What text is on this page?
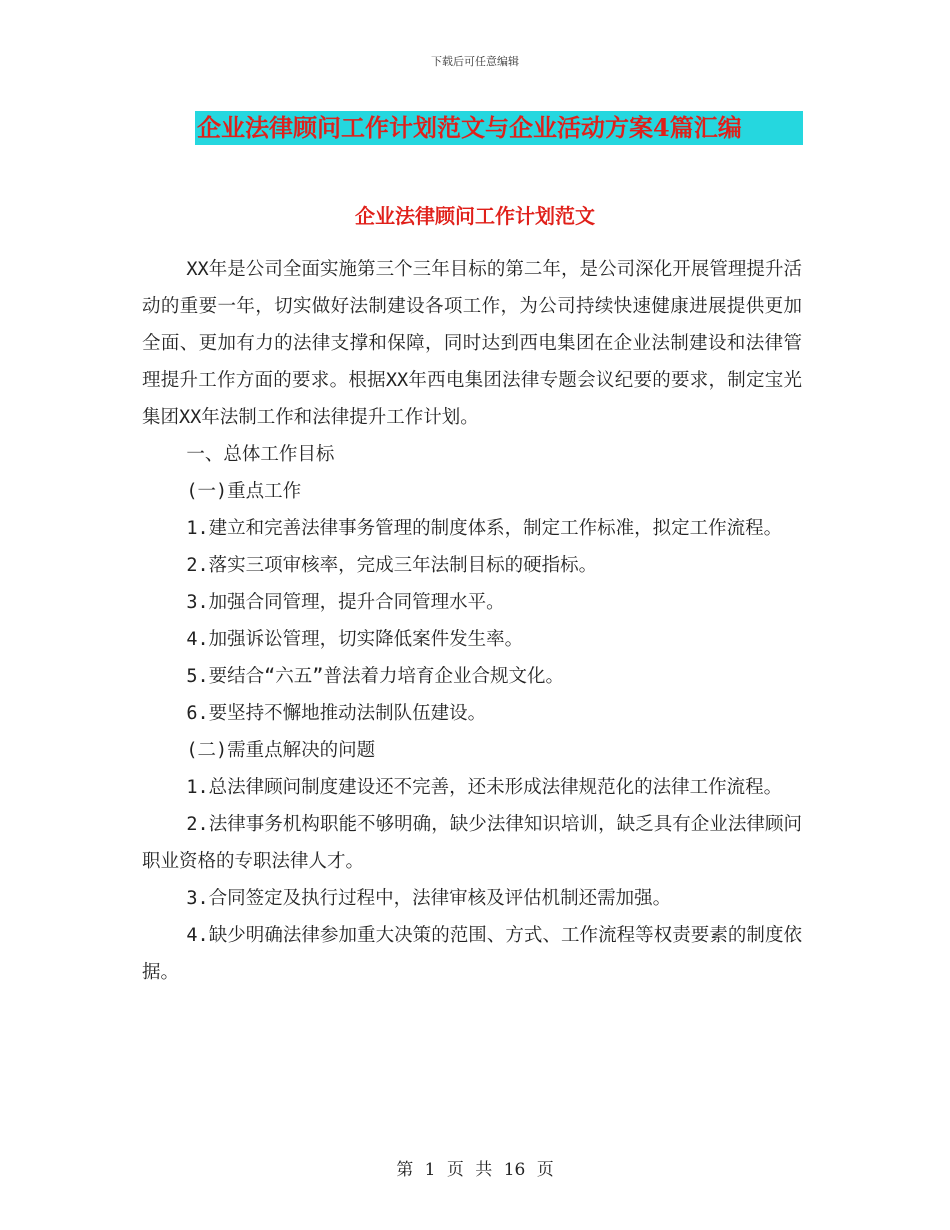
下载后可任意编辑
企业法律顾问工作计划范文与企业活动方案4篇汇编
企业法律顾问工作计划范文

XX年是公司全面实施第三个三年目标的第二年，是公司深化开展管理提升活动的重要一年，切实做好法制建设各项工作，为公司持续快速健康进展提供更加全面、更加有力的法律支撑和保障，同时达到西电集团在企业法制建设和法律管理提升工作方面的要求。根据XX年西电集团法律专题会议纪要的要求，制定宝光集团XX年法制工作和法律提升工作计划。

一、总体工作目标

(一)重点工作

1.建立和完善法律事务管理的制度体系，制定工作标准，拟定工作流程。

2.落实三项审核率，完成三年法制目标的硬指标。

3.加强合同管理，提升合同管理水平。

4.加强诉讼管理，切实降低案件发生率。

5.要结合“六五”普法着力培育企业合规文化。

6.要坚持不懈地推动法制队伍建设。

(二)需重点解决的问题

1.总法律顾问制度建设还不完善，还未形成法律规范化的法律工作流程。

2.法律事务机构职能不够明确，缺少法律知识培训，缺乏具有企业法律顾问职业资格的专职法律人才。

3.合同签定及执行过程中，法律审核及评估机制还需加强。

4.缺少明确法律参加重大决策的范围、方式、工作流程等权责要素的制度依据。

第 1 页 共 16 页
